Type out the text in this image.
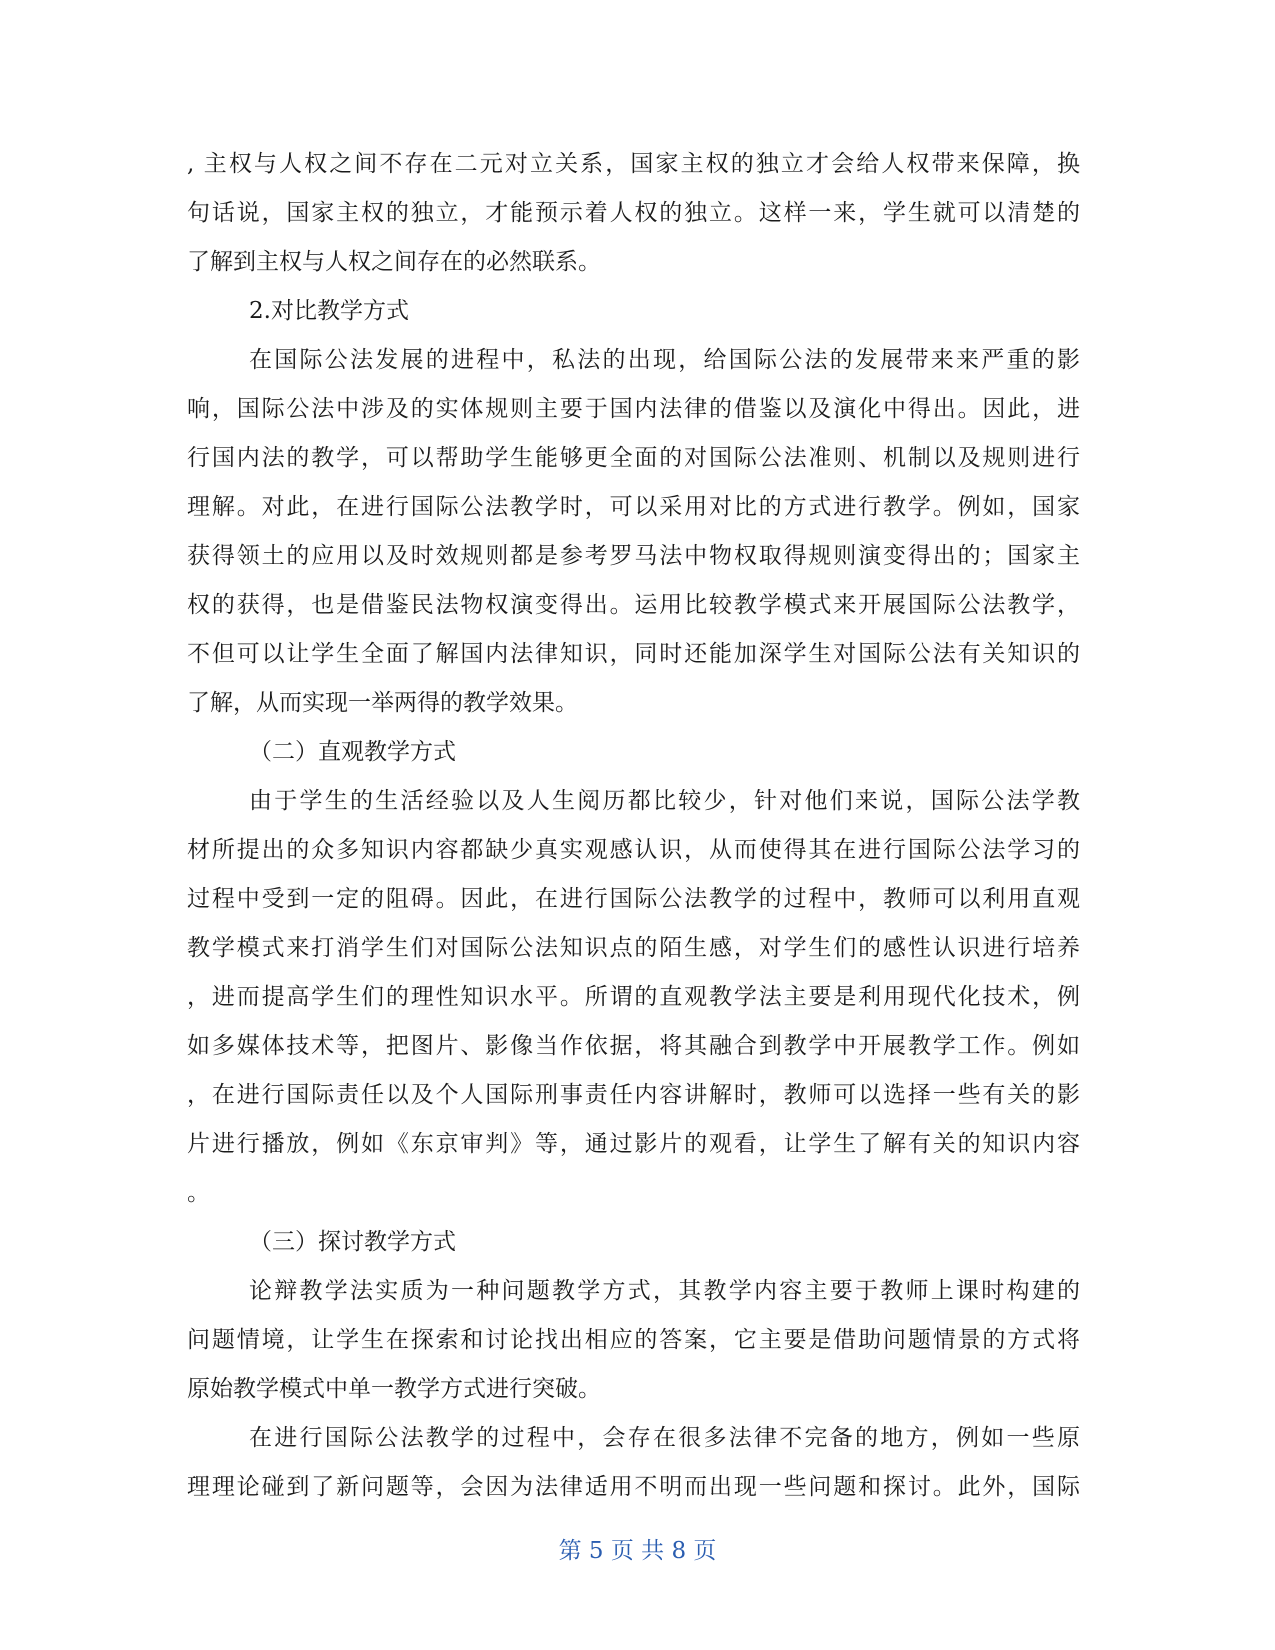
, 主权与人权之间不存在二元对立关系，国家主权的独立才会给人权带来保障，换
句话说，国家主权的独立，才能预示着人权的独立。这样一来，学生就可以清楚的
了解到主权与人权之间存在的必然联系。
2.对比教学方式
在国际公法发展的进程中，私法的出现，给国际公法的发展带来来严重的影
响，国际公法中涉及的实体规则主要于国内法律的借鉴以及演化中得出。因此，进
行国内法的教学，可以帮助学生能够更全面的对国际公法准则、机制以及规则进行
理解。对此，在进行国际公法教学时，可以采用对比的方式进行教学。例如，国家
获得领土的应用以及时效规则都是参考罗马法中物权取得规则演变得出的；国家主
权的获得，也是借鉴民法物权演变得出。运用比较教学模式来开展国际公法教学，
不但可以让学生全面了解国内法律知识，同时还能加深学生对国际公法有关知识的
了解，从而实现一举两得的教学效果。
（二）直观教学方式
由于学生的生活经验以及人生阅历都比较少，针对他们来说，国际公法学教
材所提出的众多知识内容都缺少真实观感认识，从而使得其在进行国际公法学习的
过程中受到一定的阻碍。因此，在进行国际公法教学的过程中，教师可以利用直观
教学模式来打消学生们对国际公法知识点的陌生感，对学生们的感性认识进行培养
，进而提高学生们的理性知识水平。所谓的直观教学法主要是利用现代化技术，例
如多媒体技术等，把图片、影像当作依据，将其融合到教学中开展教学工作。例如
，在进行国际责任以及个人国际刑事责任内容讲解时，教师可以选择一些有关的影
片进行播放，例如《东京审判》等，通过影片的观看，让学生了解有关的知识内容
。
（三）探讨教学方式
论辩教学法实质为一种问题教学方式，其教学内容主要于教师上课时构建的
问题情境，让学生在探索和讨论找出相应的答案，它主要是借助问题情景的方式将
原始教学模式中单一教学方式进行突破。
在进行国际公法教学的过程中，会存在很多法律不完备的地方，例如一些原
理理论碰到了新问题等，会因为法律适用不明而出现一些问题和探讨。此外，国际
第 5 页 共 8 页
